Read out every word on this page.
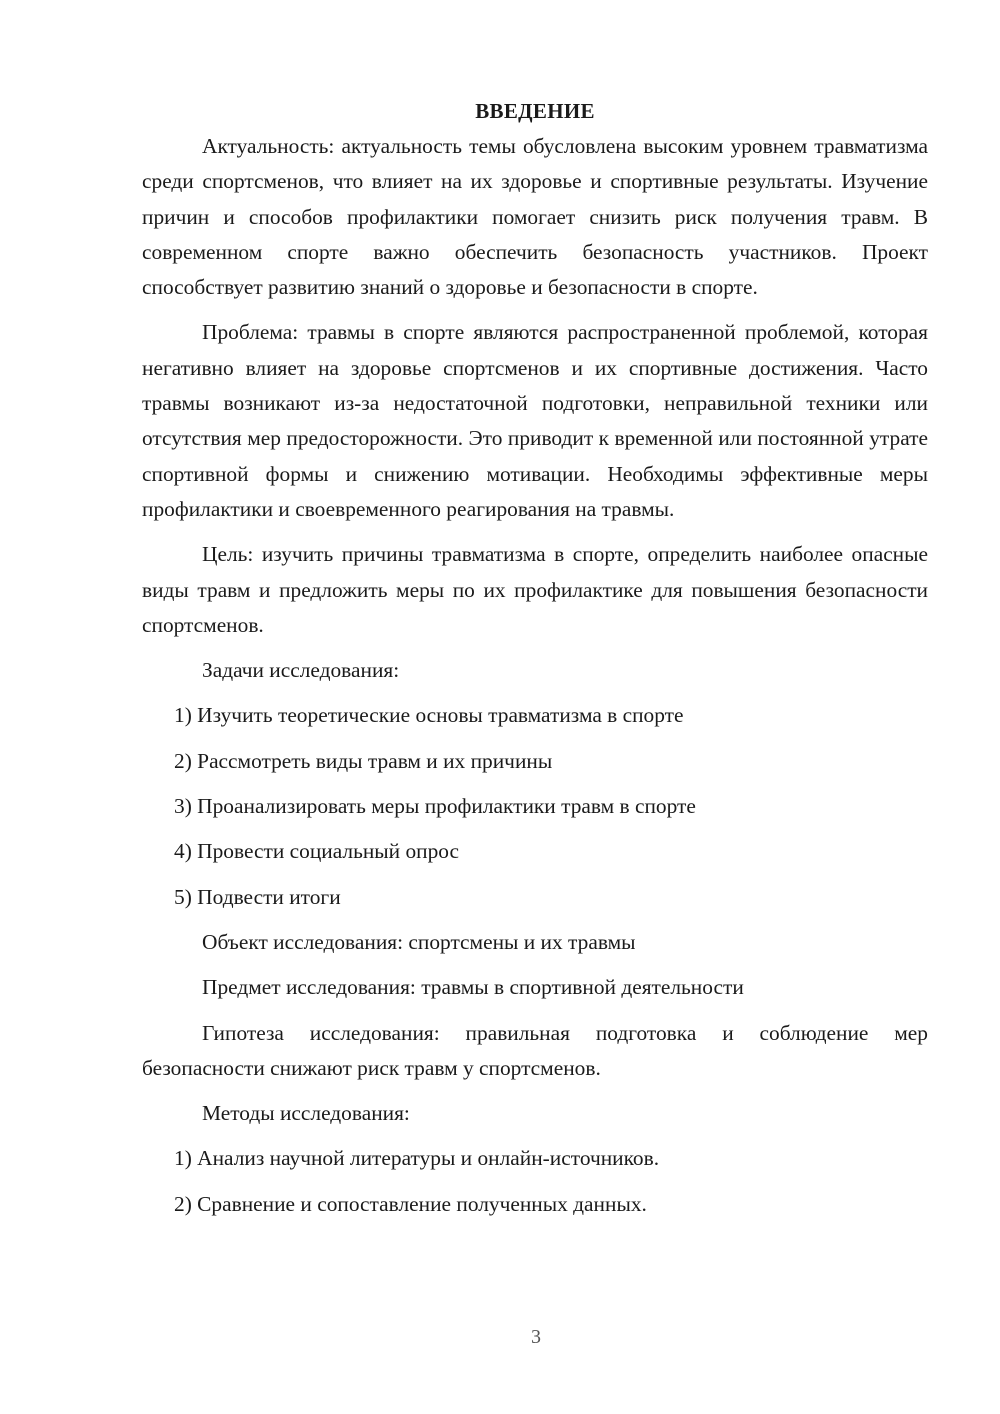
ВВЕДЕНИЕ

Актуальность: актуальность темы обусловлена высоким уровнем травматизма среди спортсменов, что влияет на их здоровье и спортивные результаты. Изучение причин и способов профилактики помогает снизить риск получения травм. В современном спорте важно обеспечить безопасность участников. Проект способствует развитию знаний о здоровье и безопасности в спорте.

Проблема: травмы в спорте являются распространенной проблемой, которая негативно влияет на здоровье спортсменов и их спортивные достижения. Часто травмы возникают из-за недостаточной подготовки, неправильной техники или отсутствия мер предосторожности. Это приводит к временной или постоянной утрате спортивной формы и снижению мотивации. Необходимы эффективные меры профилактики и своевременного реагирования на травмы.

Цель: изучить причины травматизма в спорте, определить наиболее опасные виды травм и предложить меры по их профилактике для повышения безопасности спортсменов.

Задачи исследования:

1) Изучить теоретические основы травматизма в спорте

2) Рассмотреть виды травм и их причины

3) Проанализировать меры профилактики травм в спорте

4) Провести социальный опрос

5) Подвести итоги

Объект исследования: спортсмены и их травмы

Предмет исследования: травмы в спортивной деятельности

Гипотеза исследования: правильная подготовка и соблюдение мер безопасности снижают риск травм у спортсменов.

Методы исследования:

1) Анализ научной литературы и онлайн-источников.

2) Сравнение и сопоставление полученных данных.

3
